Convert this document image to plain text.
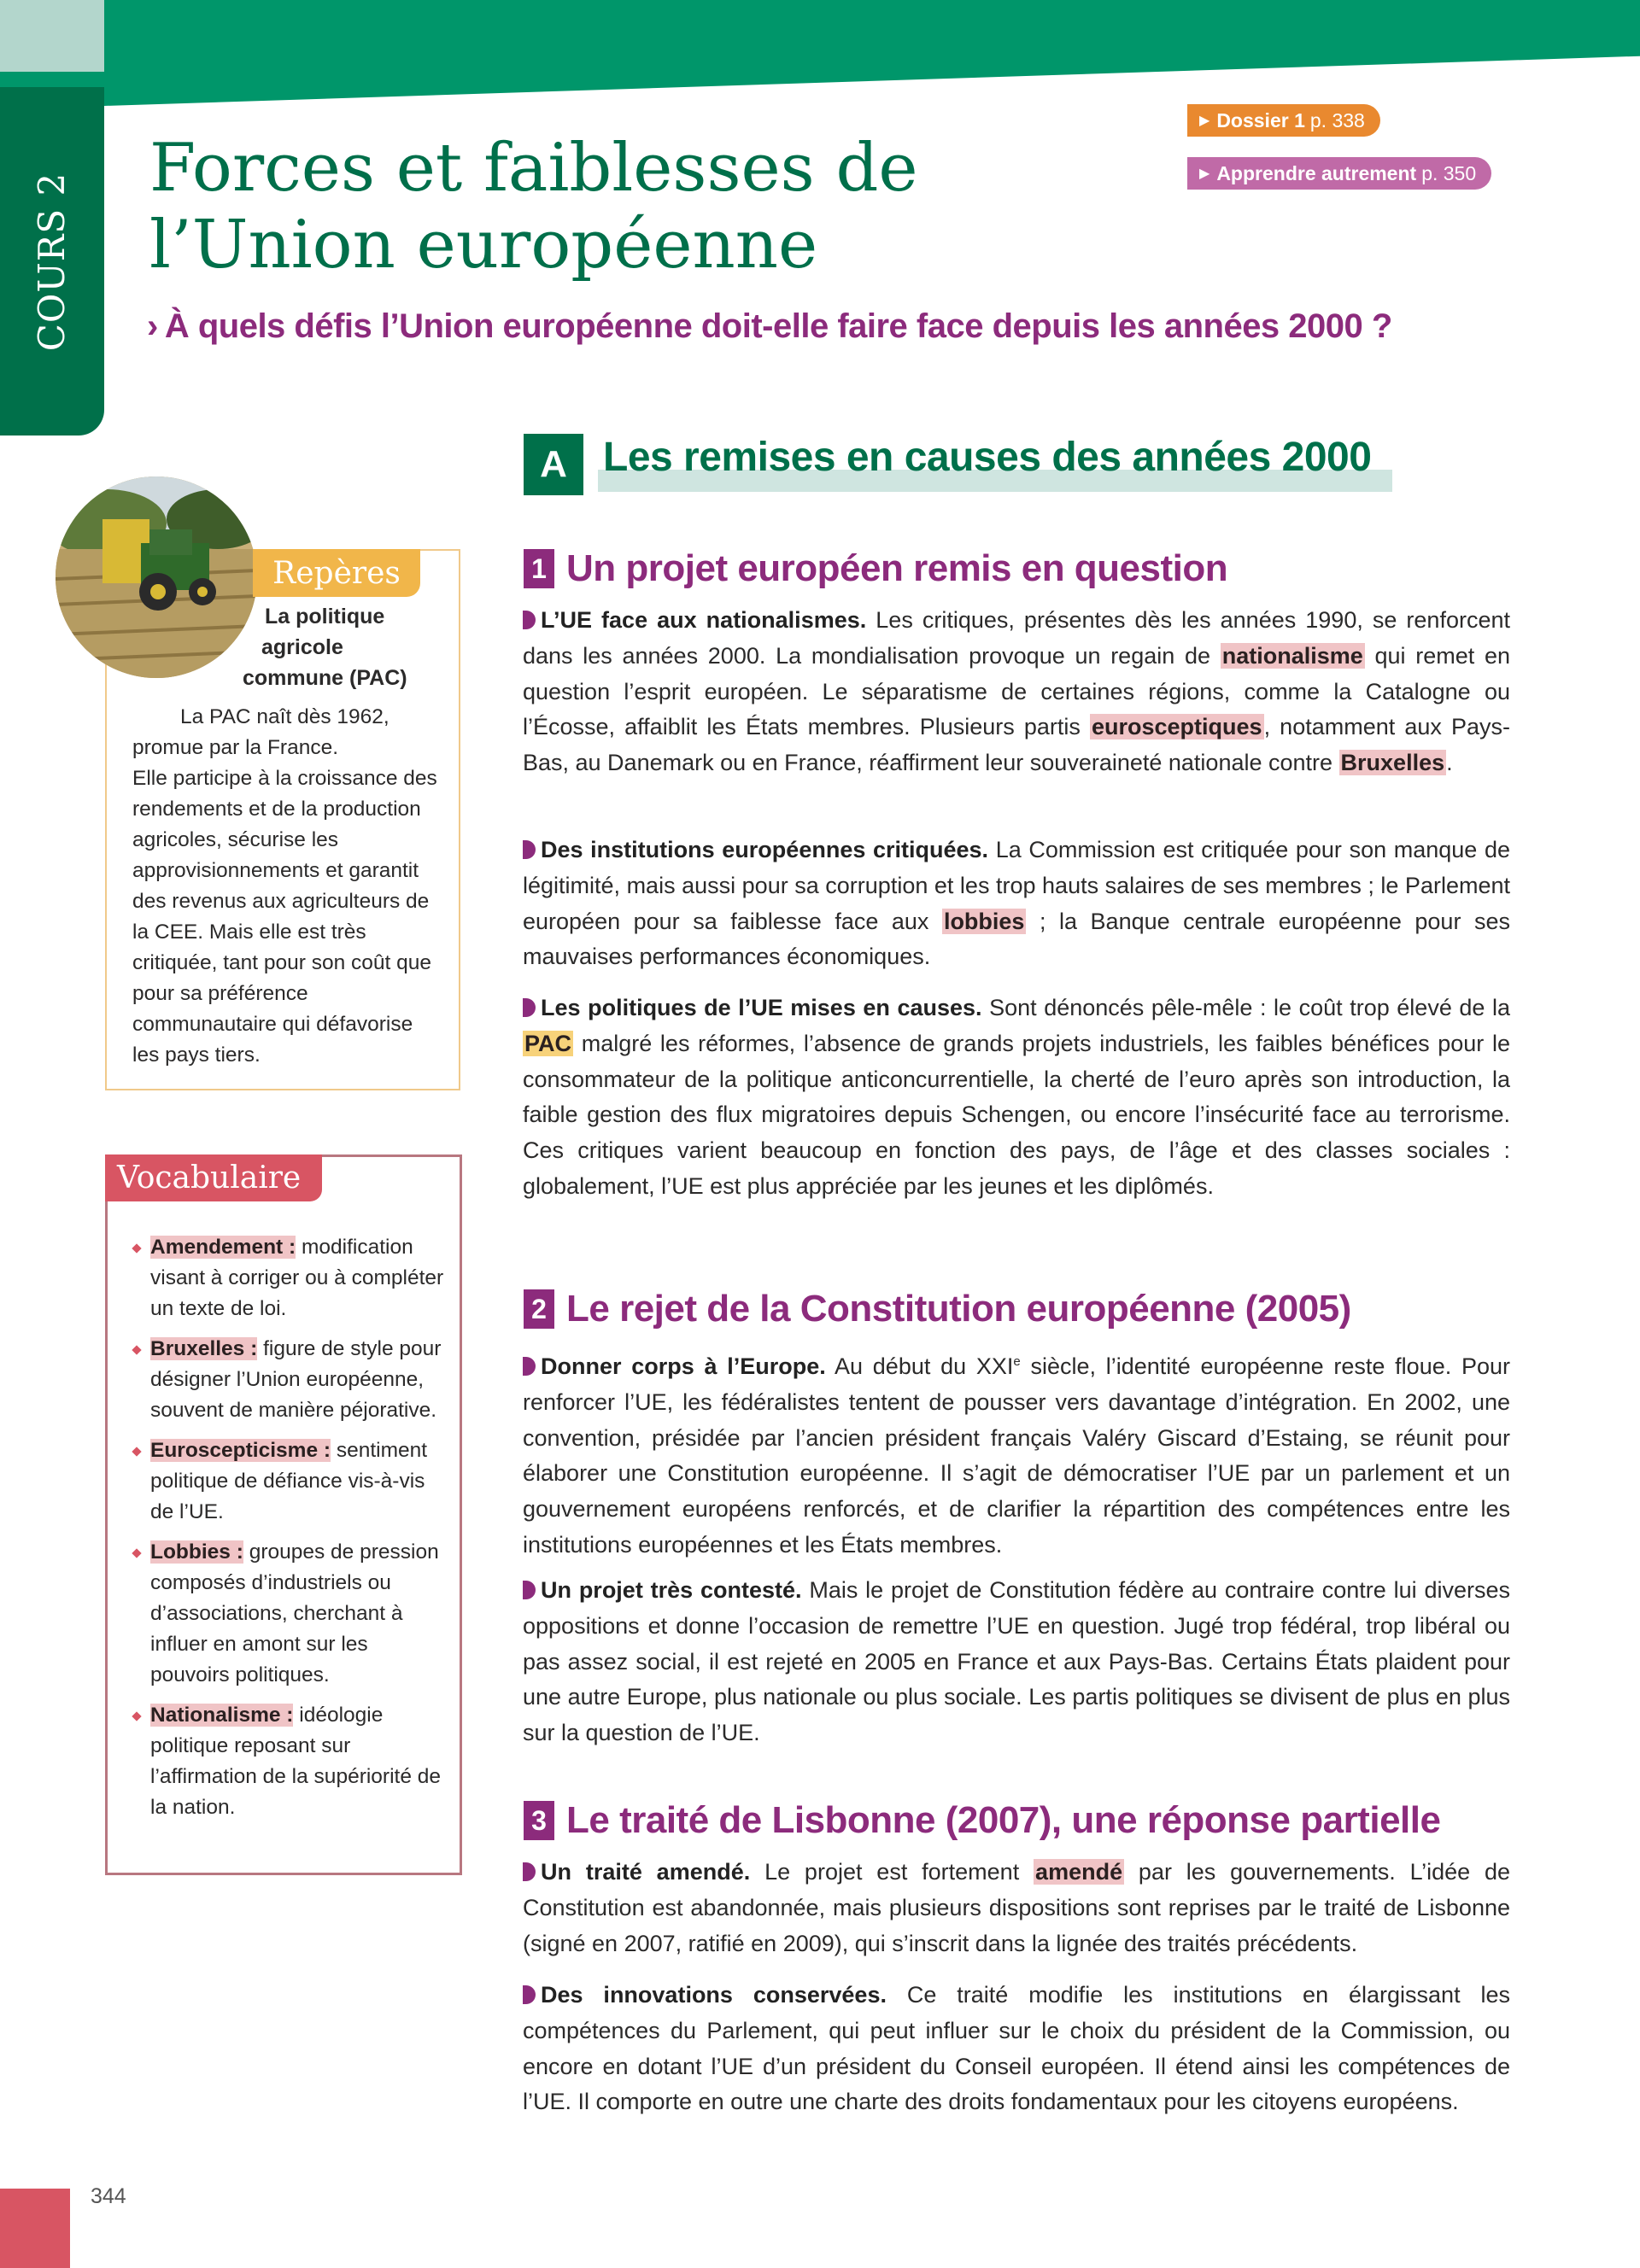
COURS 2
Forces et faiblesses de l’Union européenne
› À quels défis l’Union européenne doit-elle faire face depuis les années 2000 ?
▶ Dossier 1 p. 338
▶ Apprendre autrement p. 350
Repères
La politique
agricole
commune (PAC)

La PAC naît dès 1962, promue par la France.

Elle participe à la croissance des rendements et de la production agricoles, sécurise les approvisionnements et garantit des revenus aux agriculteurs de la CEE. Mais elle est très critiquée, tant pour son coût que pour sa préférence communautaire qui défavorise les pays tiers.

Vocabulaire
Amendement : modification visant à corriger ou à compléter un texte de loi.
Bruxelles : figure de style pour désigner l’Union européenne, souvent de manière péjorative.
Euroscepticisme : sentiment politique de défiance vis-à-vis de l’UE.
Lobbies : groupes de pression composés d’industriels ou d’associations, cherchant à influer en amont sur les pouvoirs politiques.
Nationalisme : idéologie politique reposant sur l’affirmation de la supériorité de la nation.
A Les remises en causes des années 2000
1 Un projet européen remis en question

L’UE face aux nationalismes. Les critiques, présentes dès les années 1990, se renforcent dans les années 2000. La mondialisation provoque un regain de nationalisme qui remet en question l’esprit européen. Le séparatisme de certaines régions, comme la Catalogne ou l’Écosse, affaiblit les États membres. Plusieurs partis eurosceptiques, notamment aux Pays-Bas, au Danemark ou en France, réaffirment leur souveraineté nationale contre Bruxelles.

Des institutions européennes critiquées. La Commission est critiquée pour son manque de légitimité, mais aussi pour sa corruption et les trop hauts salaires de ses membres ; le Parlement européen pour sa faiblesse face aux lobbies ; la Banque centrale européenne pour ses mauvaises performances économiques.

Les politiques de l’UE mises en causes. Sont dénoncés pêle-mêle : le coût trop élevé de la PAC malgré les réformes, l’absence de grands projets industriels, les faibles bénéfices pour le consommateur de la politique anticoncurrentielle, la cherté de l’euro après son introduction, la faible gestion des flux migratoires depuis Schengen, ou encore l’insécurité face au terrorisme. Ces critiques varient beaucoup en fonction des pays, de l’âge et des classes sociales : globalement, l’UE est plus appréciée par les jeunes et les diplômés.

2 Le rejet de la Constitution européenne (2005)

Donner corps à l’Europe. Au début du XXIe siècle, l’identité européenne reste floue. Pour renforcer l’UE, les fédéralistes tentent de pousser vers davantage d’intégration. En 2002, une convention, présidée par l’ancien président français Valéry Giscard d’Estaing, se réunit pour élaborer une Constitution européenne. Il s’agit de démocratiser l’UE par un parlement et un gouvernement européens renforcés, et de clarifier la répartition des compétences entre les institutions européennes et les États membres.

Un projet très contesté. Mais le projet de Constitution fédère au contraire contre lui diverses oppositions et donne l’occasion de remettre l’UE en question. Jugé trop fédéral, trop libéral ou pas assez social, il est rejeté en 2005 en France et aux Pays-Bas. Certains États plaident pour une autre Europe, plus nationale ou plus sociale. Les partis politiques se divisent de plus en plus sur la question de l’UE.

3 Le traité de Lisbonne (2007), une réponse partielle

Un traité amendé. Le projet est fortement amendé par les gouvernements. L’idée de Constitution est abandonnée, mais plusieurs dispositions sont reprises par le traité de Lisbonne (signé en 2007, ratifié en 2009), qui s’inscrit dans la lignée des traités précédents.

Des innovations conservées. Ce traité modifie les institutions en élargissant les compétences du Parlement, qui peut influer sur le choix du président de la Commission, ou encore en dotant l’UE d’un président du Conseil européen. Il étend ainsi les compétences de l’UE. Il comporte en outre une charte des droits fondamentaux pour les citoyens européens.

344
